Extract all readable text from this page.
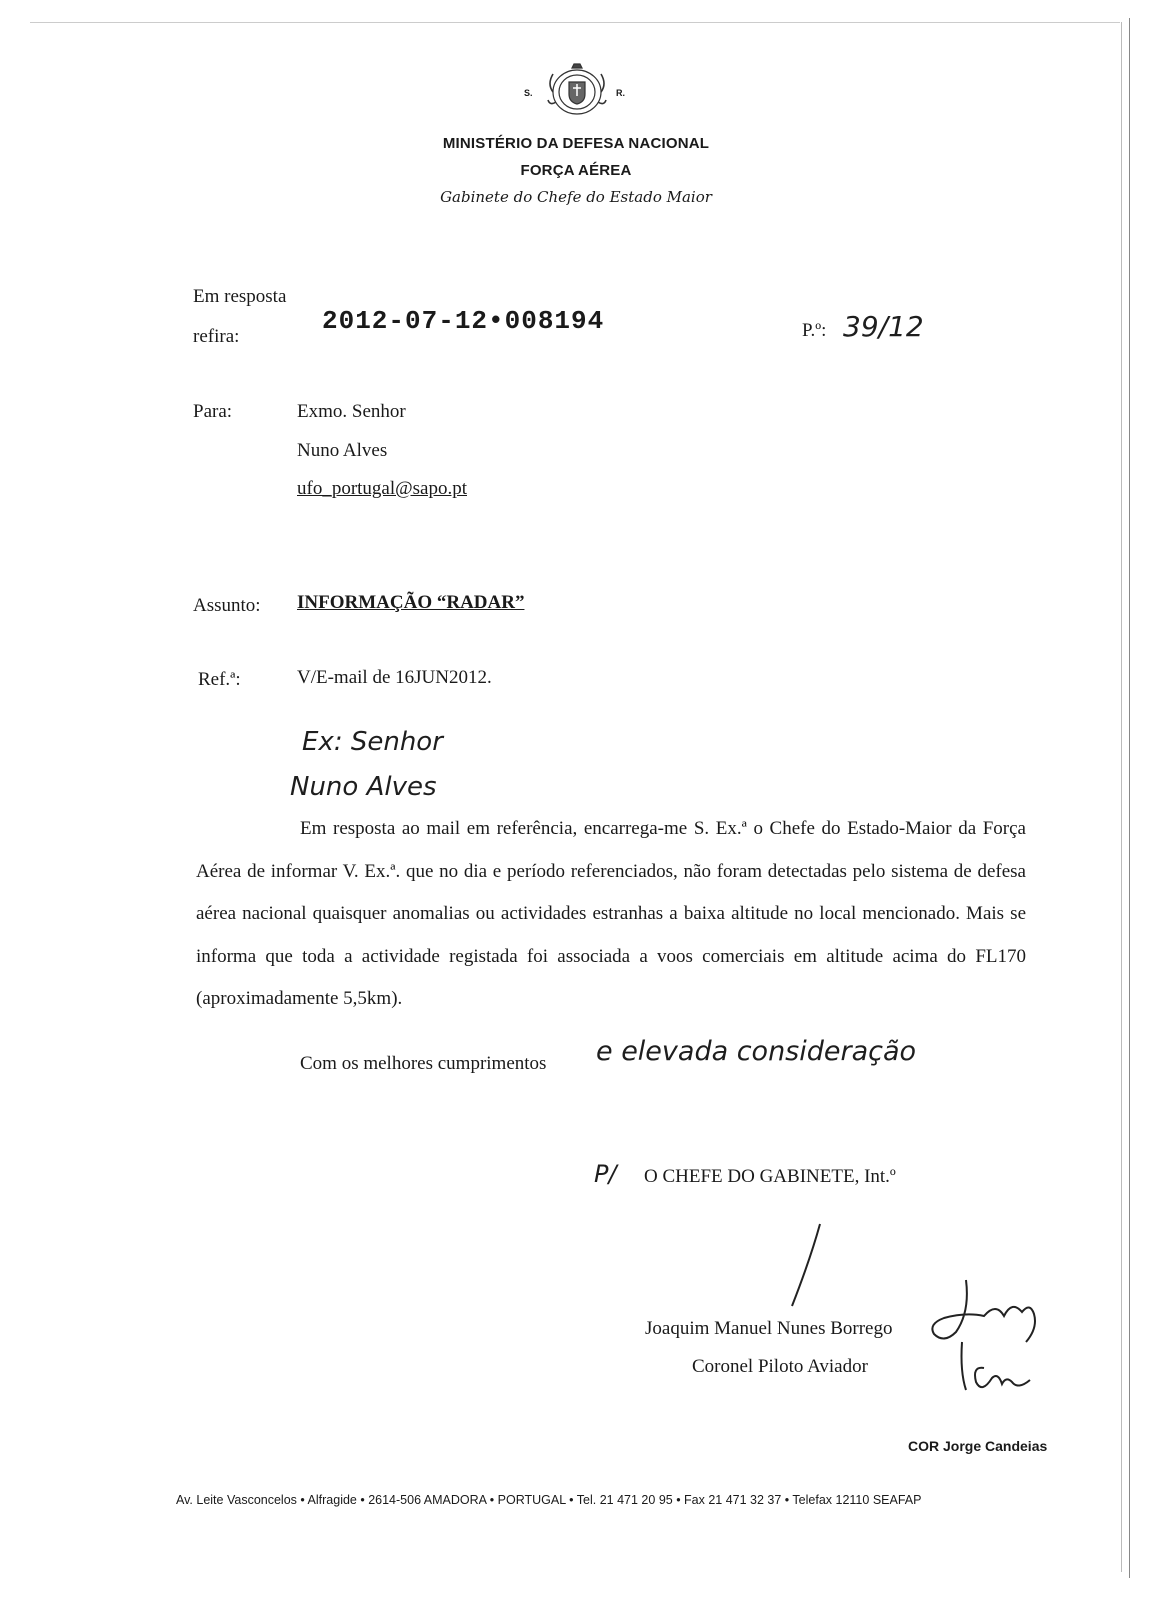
S.	R.
MINISTÉRIO DA DEFESA NACIONAL
FORÇA AÉREA
Gabinete do Chefe do Estado Maior
Em resposta
refira:
2012-07-12•008194	P.º: 39/12
Para:	Exmo. Senhor
Nuno Alves
ufo_portugal@sapo.pt
Assunto: INFORMAÇÃO “RADAR”
Ref.ª:	V/E-mail de 16JUN2012.
Ex: Senhor
Nuno Alves
Em resposta ao mail em referência, encarrega-me S. Ex.ª o Chefe do Estado-Maior da Força Aérea de informar V. Ex.ª. que no dia e período referenciados, não foram detectadas pelo sistema de defesa aérea nacional quaisquer anomalias ou actividades estranhas a baixa altitude no local mencionado. Mais se informa que toda a actividade registada foi associada a voos comerciais em altitude acima do FL170 (aproximadamente 5,5km).
Com os melhores cumprimentos e elevada consideração
P/ O CHEFE DO GABINETE, Int.º
Joaquim Manuel Nunes Borrego
Coronel Piloto Aviador
COR Jorge Candeias
Av. Leite Vasconcelos • Alfragide • 2614-506 AMADORA • PORTUGAL • Tel. 21 471 20 95 • Fax 21 471 32 37 • Telefax 12110 SEAFAP
